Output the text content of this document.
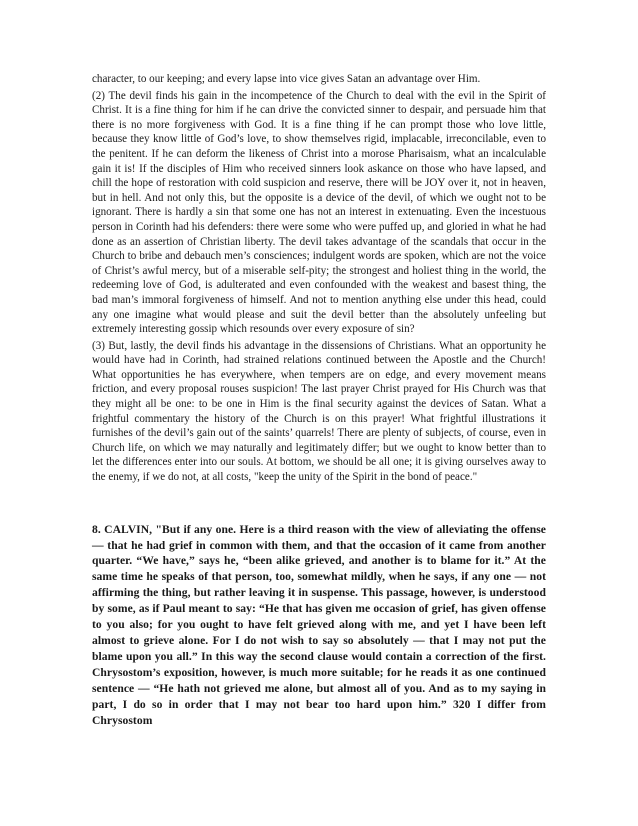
character, to our keeping; and every lapse into vice gives Satan an advantage over Him.

(2) The devil finds his gain in the incompetence of the Church to deal with the evil in the Spirit of Christ. It is a fine thing for him if he can drive the convicted sinner to despair, and persuade him that there is no more forgiveness with God. It is a fine thing if he can prompt those who love little, because they know little of God’s love, to show themselves rigid, implacable, irreconcilable, even to the penitent. If he can deform the likeness of Christ into a morose Pharisaism, what an incalculable gain it is! If the disciples of Him who received sinners look askance on those who have lapsed, and chill the hope of restoration with cold suspicion and reserve, there will be JOY over it, not in heaven, but in hell. And not only this, but the opposite is a device of the devil, of which we ought not to be ignorant. There is hardly a sin that some one has not an interest in extenuating. Even the incestuous person in Corinth had his defenders: there were some who were puffed up, and gloried in what he had done as an assertion of Christian liberty. The devil takes advantage of the scandals that occur in the Church to bribe and debauch men’s consciences; indulgent words are spoken, which are not the voice of Christ’s awful mercy, but of a miserable self-pity; the strongest and holiest thing in the world, the redeeming love of God, is adulterated and even confounded with the weakest and basest thing, the bad man’s immoral forgiveness of himself. And not to mention anything else under this head, could any one imagine what would please and suit the devil better than the absolutely unfeeling but extremely interesting gossip which resounds over every exposure of sin?

(3) But, lastly, the devil finds his advantage in the dissensions of Christians. What an opportunity he would have had in Corinth, had strained relations continued between the Apostle and the Church! What opportunities he has everywhere, when tempers are on edge, and every movement means friction, and every proposal rouses suspicion! The last prayer Christ prayed for His Church was that they might all be one: to be one in Him is the final security against the devices of Satan. What a frightful commentary the history of the Church is on this prayer! What frightful illustrations it furnishes of the devil’s gain out of the saints’ quarrels! There are plenty of subjects, of course, even in Church life, on which we may naturally and legitimately differ; but we ought to know better than to let the differences enter into our souls. At bottom, we should be all one; it is giving ourselves away to the enemy, if we do not, at all costs, "keep the unity of the Spirit in the bond of peace."

8. CALVIN, "But if any one. Here is a third reason with the view of alleviating the offense — that he had grief in common with them, and that the occasion of it came from another quarter. “We have,” says he, “been alike grieved, and another is to blame for it.” At the same time he speaks of that person, too, somewhat mildly, when he says, if any one — not affirming the thing, but rather leaving it in suspense. This passage, however, is understood by some, as if Paul meant to say: “He that has given me occasion of grief, has given offense to you also; for you ought to have felt grieved along with me, and yet I have been left almost to grieve alone. For I do not wish to say so absolutely — that I may not put the blame upon you all.” In this way the second clause would contain a correction of the first. Chrysostom’s exposition, however, is much more suitable; for he reads it as one continued sentence — “He hath not grieved me alone, but almost all of you. And as to my saying in part, I do so in order that I may not bear too hard upon him.” 320 I differ from Chrysostom
